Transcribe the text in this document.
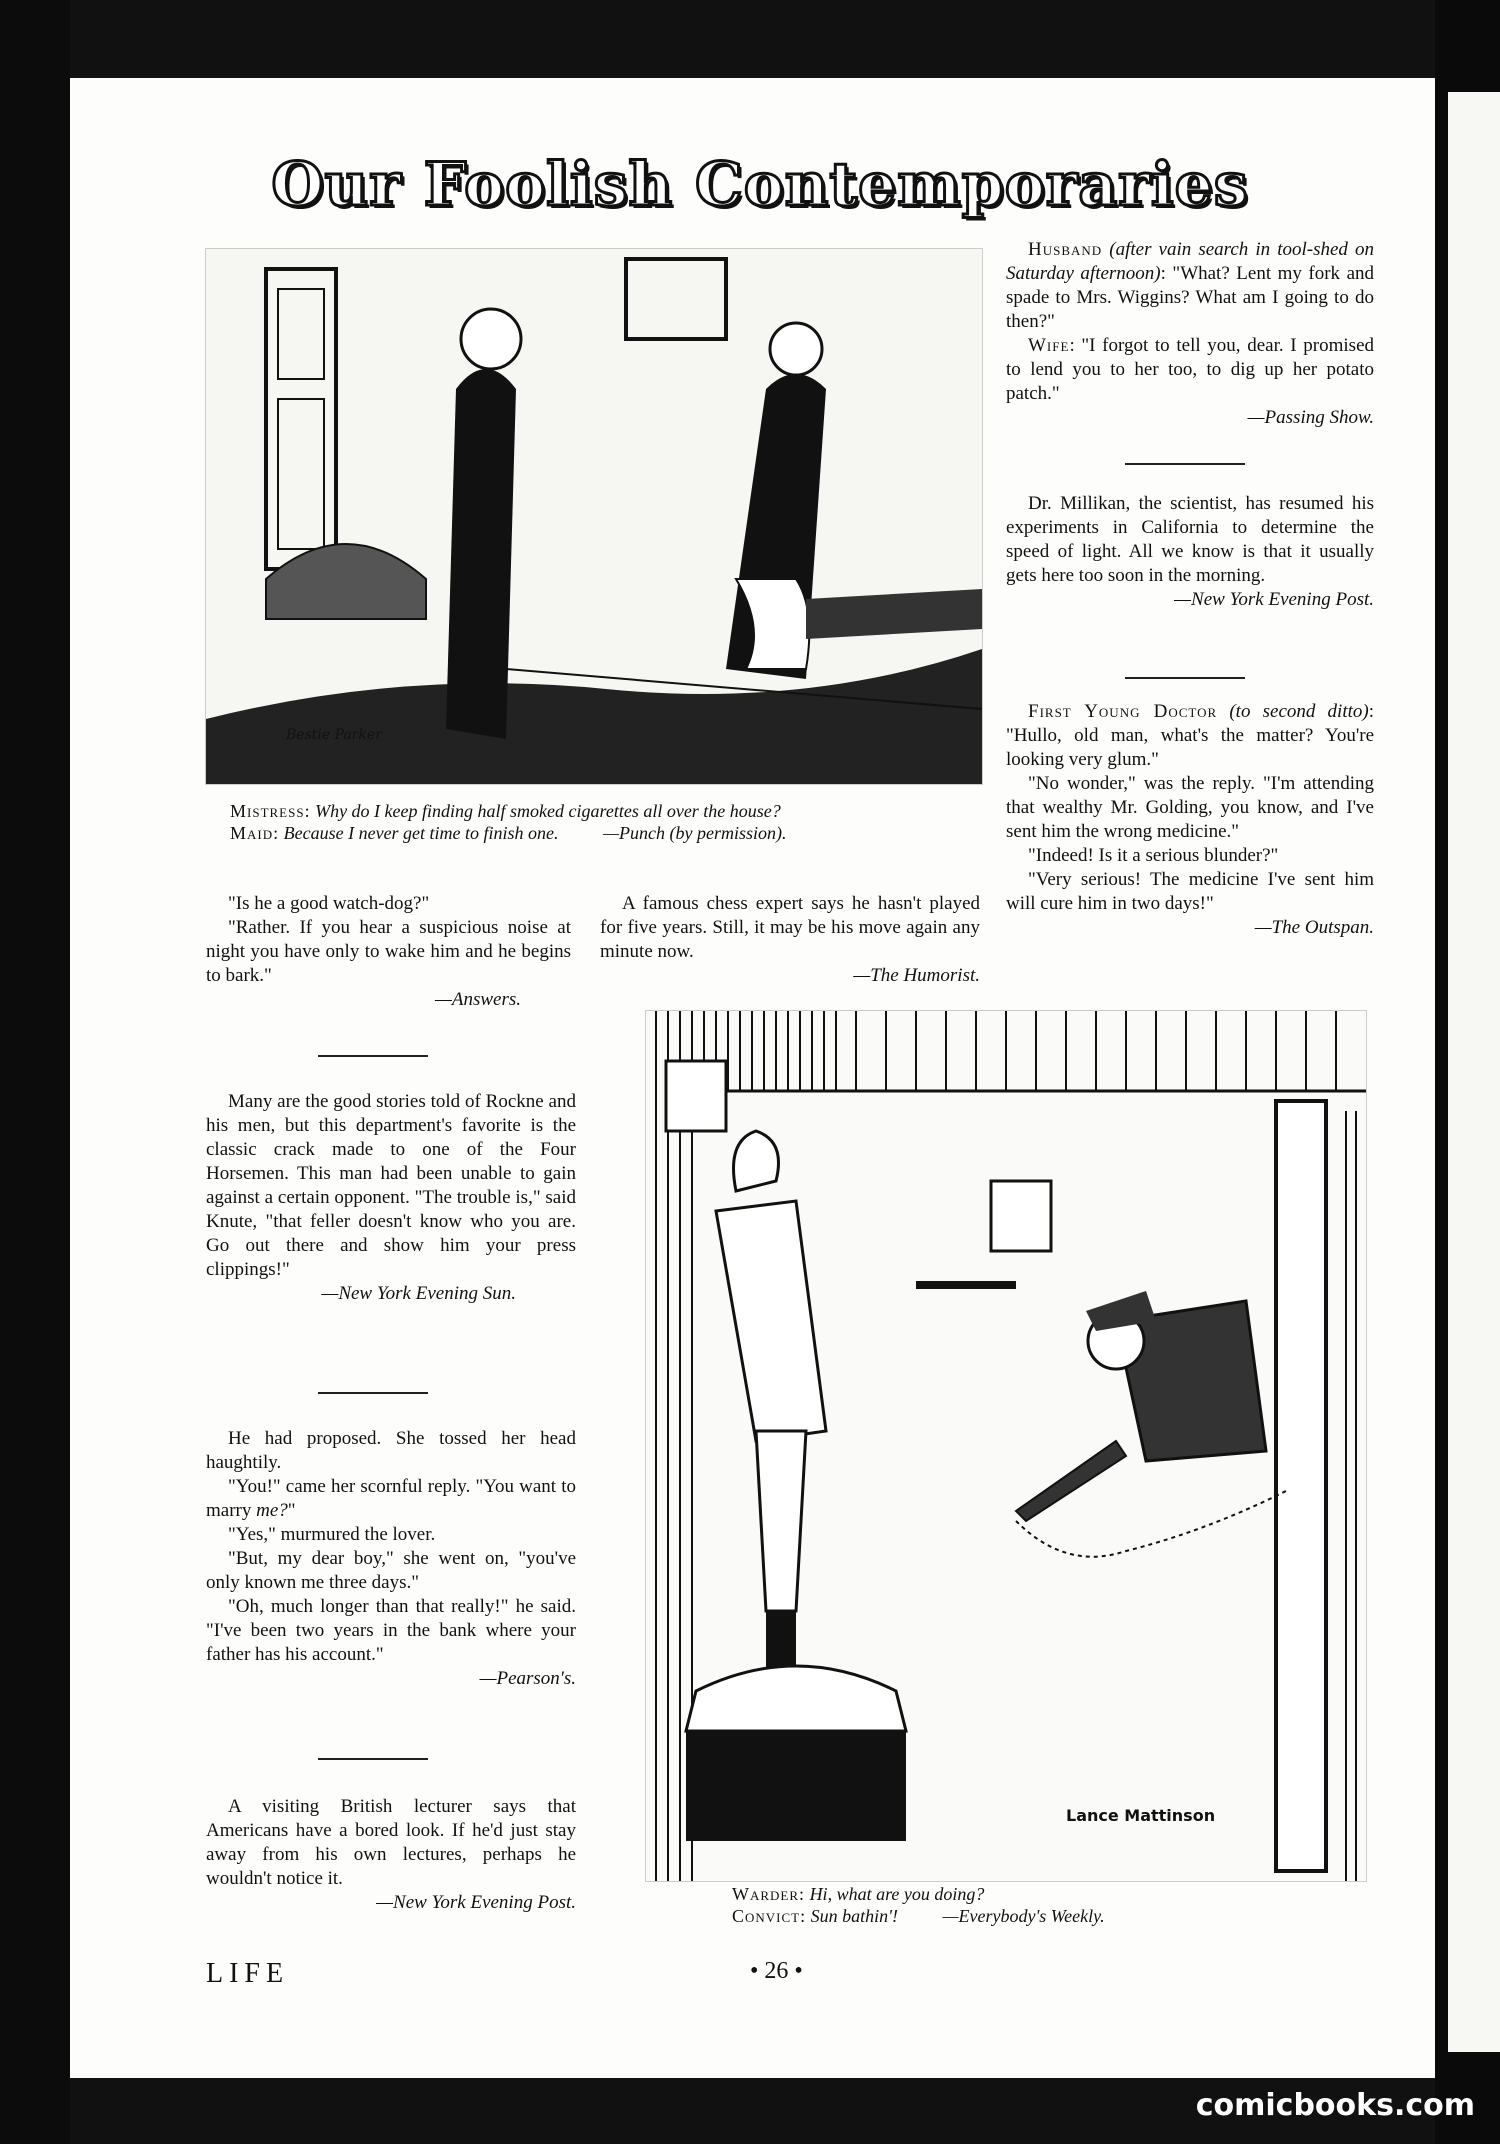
Our Foolish Contemporaries
Bestie Parker
Mistress: Why do I keep finding half smoked cigarettes all over the house?
Maid: Because I never get time to finish one. —Punch (by permission).

Husband (after vain search in tool-shed on Saturday afternoon): "What? Lent my fork and spade to Mrs. Wiggins? What am I going to do then?"

Wife: "I forgot to tell you, dear. I promised to lend you to her too, to dig up her potato patch."

—Passing Show.

Dr. Millikan, the scientist, has resumed his experiments in California to determine the speed of light. All we know is that it usually gets here too soon in the morning.

—New York Evening Post.

First Young Doctor (to second ditto): "Hullo, old man, what's the matter? You're looking very glum."

"No wonder," was the reply. "I'm attending that wealthy Mr. Golding, you know, and I've sent him the wrong medicine."

"Indeed! Is it a serious blunder?"

"Very serious! The medicine I've sent him will cure him in two days!"

—The Outspan.

"Is he a good watch-dog?"

"Rather. If you hear a suspicious noise at night you have only to wake him and he begins to bark."

—Answers.

A famous chess expert says he hasn't played for five years. Still, it may be his move again any minute now.

—The Humorist.

Many are the good stories told of Rockne and his men, but this department's favorite is the classic crack made to one of the Four Horsemen. This man had been unable to gain against a certain opponent. "The trouble is," said Knute, "that feller doesn't know who you are. Go out there and show him your press clippings!"

—New York Evening Sun.

He had proposed. She tossed her head haughtily.

"You!" came her scornful reply. "You want to marry me?"

"Yes," murmured the lover.

"But, my dear boy," she went on, "you've only known me three days."

"Oh, much longer than that really!" he said. "I've been two years in the bank where your father has his account."

—Pearson's.

A visiting British lecturer says that Americans have a bored look. If he'd just stay away from his own lectures, perhaps he wouldn't notice it.

—New York Evening Post.
Lance Mattinson
Warder: Hi, what are you doing?
Convict: Sun bathin'! —Everybody's Weekly.
LIFE	• 26 •
comicbooks.com
